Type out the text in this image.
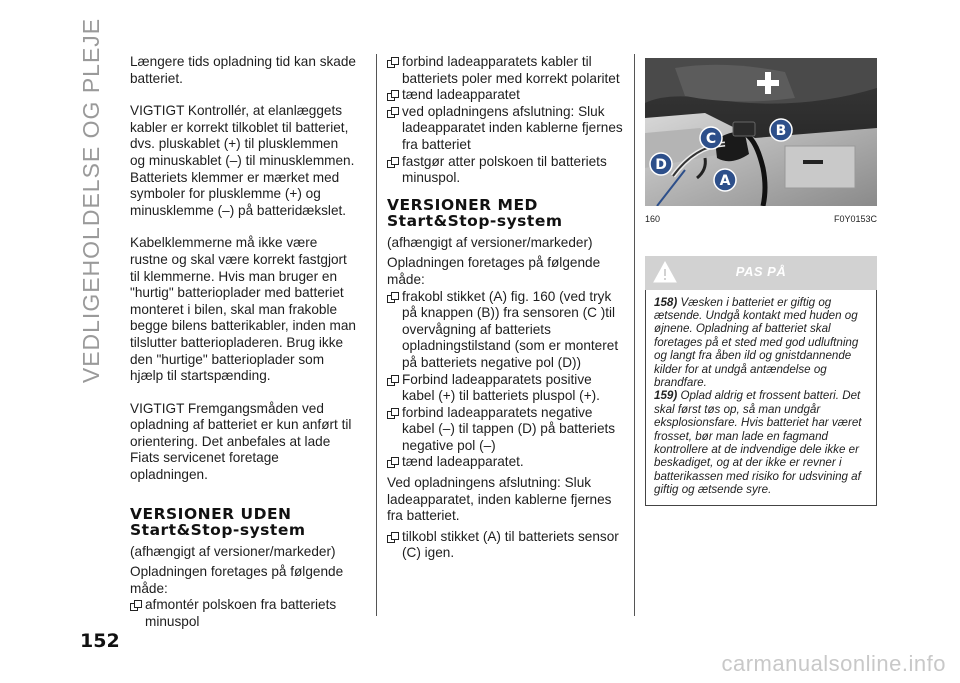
VEDLIGEHOLDELSE OG PLEJE
152

Længere tids opladning tid kan skade batteriet.

VIGTIGT Kontrollér, at elanlæggets kabler er korrekt tilkoblet til batteriet, dvs. pluskablet (+) til plusklemmen og minuskablet (–) til minusklemmen. Batteriets klemmer er mærket med symboler for plusklemme (+) og minusklemme (–) på batteridækslet.

Kabelklemmerne må ikke være rustne og skal være korrekt fastgjort til klemmerne. Hvis man bruger en "hurtig" batterioplader med batteriet monteret i bilen, skal man frakoble begge bilens batterikabler, inden man tilslutter batteriopladeren. Brug ikke den "hurtige" batterioplader som hjælp til startspænding.

VIGTIGT Fremgangsmåden ved opladning af batteriet er kun anført til orientering. Det anbefales at lade Fiats servicenet foretage opladningen.

VERSIONER UDEN
Start&Stop-system
(afhængigt af versioner/markeder)
Opladningen foretages på følgende måde:
afmontér polskoen fra batteriets minuspol
forbind ladeapparatets kabler til batteriets poler med korrekt polaritet
tænd ladeapparatet
ved opladningens afslutning: Sluk ladeapparatet inden kablerne fjernes fra batteriet
fastgør atter polskoen til batteriets minuspol.
VERSIONER MED
Start&Stop-system
(afhængigt af versioner/markeder)
Opladningen foretages på følgende måde:
frakobl stikket (A) fig. 160 (ved tryk på knappen (B)) fra sensoren (C )til overvågning af batteriets opladningstilstand (som er monteret på batteriets negative pol (D))
Forbind ladeapparatets positive kabel (+) til batteriets pluspol (+).
forbind ladeapparatets negative kabel (–) til tappen (D) på batteriets negative pol (–)
tænd ladeapparatet.

Ved opladningens afslutning: Sluk ladeapparatet, inden kablerne fjernes fra batteriet.

tilkobl stikket (A) til batteriets sensor (C) igen.
C	B
D
A
160	F0Y0153C
PAS PÅ

158) Væsken i batteriet er giftig og ætsende. Undgå kontakt med huden og øjnene. Opladning af batteriet skal foretages på et sted med god udluftning og langt fra åben ild og gnistdannende kilder for at undgå antændelse og brandfare.

159) Oplad aldrig et frossent batteri. Det skal først tøs op, så man undgår eksplosionsfare. Hvis batteriet har været frosset, bør man lade en fagmand kontrollere at de indvendige dele ikke er beskadiget, og at der ikke er revner i batterikassen med risiko for udsvining af giftig og ætsende syre.

carmanualsonline.info
